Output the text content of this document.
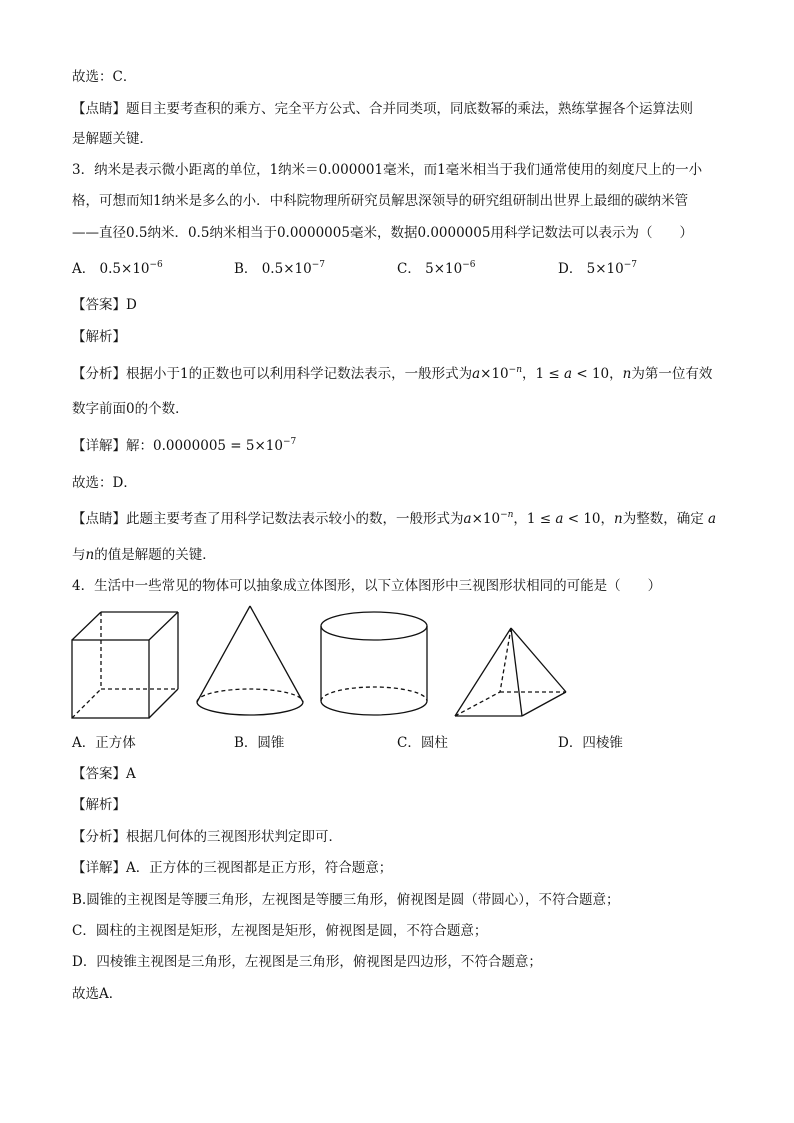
故选：C．
【点睛】题目主要考查积的乘方、完全平方公式、合并同类项，同底数幂的乘法，熟练掌握各个运算法则
是解题关键．
3．纳米是表示微小距离的单位，1纳米＝0.000001毫米，而1毫米相当于我们通常使用的刻度尺上的一小
格，可想而知1纳米是多么的小．中科院物理所研究员解思深领导的研究组研制出世界上最细的碳纳米管
——直径0.5纳米．0.5纳米相当于0.0000005毫米，数据0.0000005用科学记数法可以表示为（　　）
A． $0.5\times 10^{-6}$	B． $0.5\times 10^{-7}$	C． $5\times 10^{-6}$	D． $5\times 10^{-7}$
【答案】D
【解析】
【分析】根据小于1的正数也可以利用科学记数法表示，一般形式为$a\times 10^{-n}$，1 ≤ a < 10，n为第一位有效
数字前面0的个数．
【详解】解：$0.0000005 = 5\times 10^{-7}$
故选：D．
【点睛】此题主要考查了用科学记数法表示较小的数，一般形式为$a\times 10^{-n}$，1 ≤ a < 10，n为整数，确定 a
与n的值是解题的关键．
4．生活中一些常见的物体可以抽象成立体图形，以下立体图形中三视图形状相同的可能是（　　）
A．正方体	B．圆锥	C．圆柱	D．四棱锥
【答案】A
【解析】
【分析】根据几何体的三视图形状判定即可．
【详解】A．正方体的三视图都是正方形，符合题意；
B.圆锥的主视图是等腰三角形，左视图是等腰三角形，俯视图是圆（带圆心），不符合题意；
C．圆柱的主视图是矩形，左视图是矩形，俯视图是圆，不符合题意；
D．四棱锥主视图是三角形，左视图是三角形，俯视图是四边形，不符合题意；
故选A．
